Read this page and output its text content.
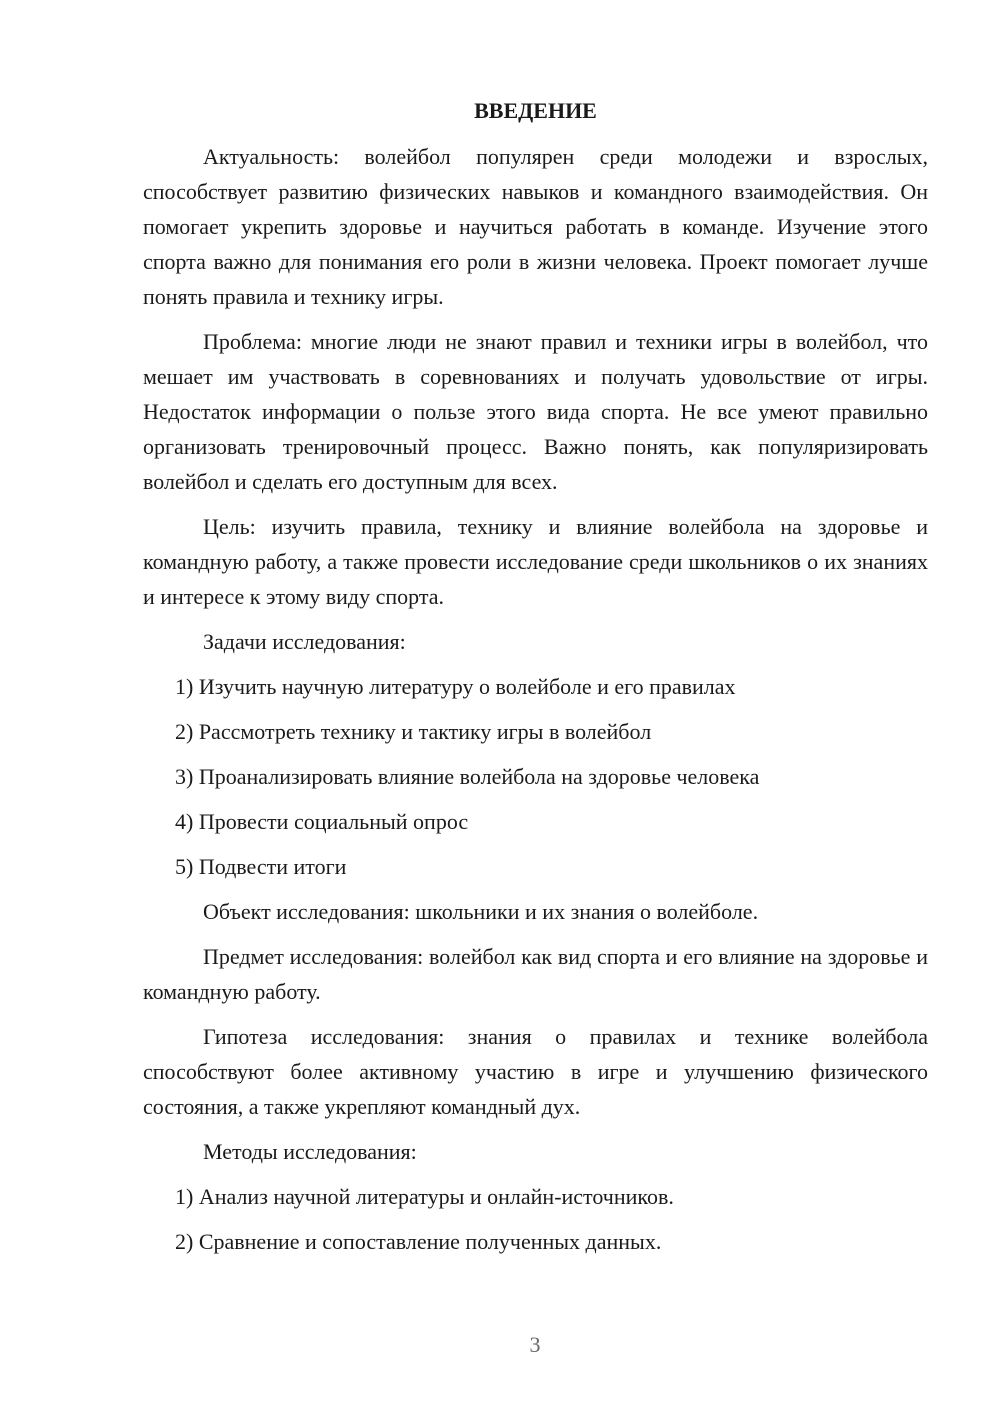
ВВЕДЕНИЕ

Актуальность: волейбол популярен среди молодежи и взрослых, способствует развитию физических навыков и командного взаимодействия. Он помогает укрепить здоровье и научиться работать в команде. Изучение этого спорта важно для понимания его роли в жизни человека. Проект помогает лучше понять правила и технику игры.

Проблема: многие люди не знают правил и техники игры в волейбол, что мешает им участвовать в соревнованиях и получать удовольствие от игры. Недостаток информации о пользе этого вида спорта. Не все умеют правильно организовать тренировочный процесс. Важно понять, как популяризировать волейбол и сделать его доступным для всех.

Цель: изучить правила, технику и влияние волейбола на здоровье и командную работу, а также провести исследование среди школьников о их знаниях и интересе к этому виду спорта.

Задачи исследования:

1) Изучить научную литературу о волейболе и его правилах
2) Рассмотреть технику и тактику игры в волейбол
3) Проанализировать влияние волейбола на здоровье человека
4) Провести социальный опрос
5) Подвести итоги

Объект исследования: школьники и их знания о волейболе.

Предмет исследования: волейбол как вид спорта и его влияние на здоровье и командную работу.

Гипотеза исследования: знания о правилах и технике волейбола способствуют более активному участию в игре и улучшению физического состояния, а также укрепляют командный дух.

Методы исследования:

1) Анализ научной литературы и онлайн-источников.
2) Сравнение и сопоставление полученных данных.
3
